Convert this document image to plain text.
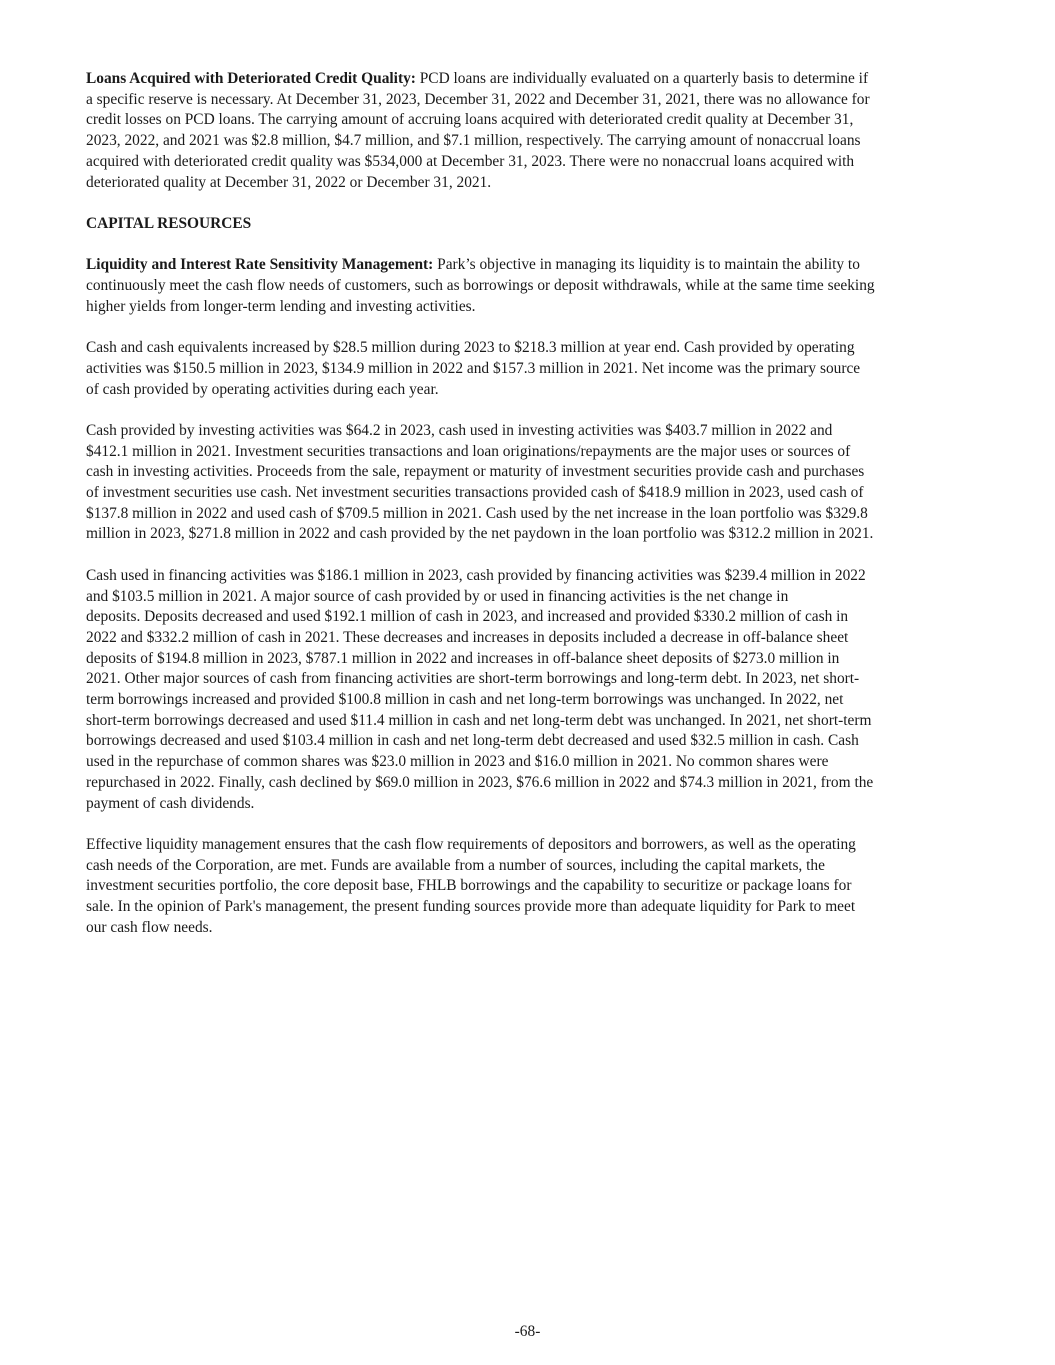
Loans Acquired with Deteriorated Credit Quality: PCD loans are individually evaluated on a quarterly basis to determine if
a specific reserve is necessary. At December 31, 2023, December 31, 2022 and December 31, 2021, there was no allowance for
credit losses on PCD loans. The carrying amount of accruing loans acquired with deteriorated credit quality at December 31,
2023, 2022, and 2021 was $2.8 million, $4.7 million, and $7.1 million, respectively. The carrying amount of nonaccrual loans
acquired with deteriorated credit quality was $534,000 at December 31, 2023. There were no nonaccrual loans acquired with
deteriorated quality at December 31, 2022 or December 31, 2021.

CAPITAL RESOURCES

Liquidity and Interest Rate Sensitivity Management: Park’s objective in managing its liquidity is to maintain the ability to
continuously meet the cash flow needs of customers, such as borrowings or deposit withdrawals, while at the same time seeking
higher yields from longer-term lending and investing activities.

Cash and cash equivalents increased by $28.5 million during 2023 to $218.3 million at year end. Cash provided by operating
activities was $150.5 million in 2023, $134.9 million in 2022 and $157.3 million in 2021. Net income was the primary source
of cash provided by operating activities during each year.

Cash provided by investing activities was $64.2 in 2023, cash used in investing activities was $403.7 million in 2022 and
$412.1 million in 2021. Investment securities transactions and loan originations/repayments are the major uses or sources of
cash in investing activities. Proceeds from the sale, repayment or maturity of investment securities provide cash and purchases
of investment securities use cash. Net investment securities transactions provided cash of $418.9 million in 2023, used cash of
$137.8 million in 2022 and used cash of $709.5 million in 2021. Cash used by the net increase in the loan portfolio was $329.8
million in 2023, $271.8 million in 2022 and cash provided by the net paydown in the loan portfolio was $312.2 million in 2021.

Cash used in financing activities was $186.1 million in 2023, cash provided by financing activities was $239.4 million in 2022
and $103.5 million in 2021. A major source of cash provided by or used in financing activities is the net change in
deposits. Deposits decreased and used $192.1 million of cash in 2023, and increased and provided $330.2 million of cash in
2022 and $332.2 million of cash in 2021. These decreases and increases in deposits included a decrease in off-balance sheet
deposits of $194.8 million in 2023, $787.1 million in 2022 and increases in off-balance sheet deposits of $273.0 million in
2021. Other major sources of cash from financing activities are short-term borrowings and long-term debt. In 2023, net short-
term borrowings increased and provided $100.8 million in cash and net long-term borrowings was unchanged. In 2022, net
short-term borrowings decreased and used $11.4 million in cash and net long-term debt was unchanged. In 2021, net short-term
borrowings decreased and used $103.4 million in cash and net long-term debt decreased and used $32.5 million in cash. Cash
used in the repurchase of common shares was $23.0 million in 2023 and $16.0 million in 2021. No common shares were
repurchased in 2022. Finally, cash declined by $69.0 million in 2023, $76.6 million in 2022 and $74.3 million in 2021, from the
payment of cash dividends.

Effective liquidity management ensures that the cash flow requirements of depositors and borrowers, as well as the operating
cash needs of the Corporation, are met. Funds are available from a number of sources, including the capital markets, the
investment securities portfolio, the core deposit base, FHLB borrowings and the capability to securitize or package loans for
sale. In the opinion of Park's management, the present funding sources provide more than adequate liquidity for Park to meet
our cash flow needs.

-68-
